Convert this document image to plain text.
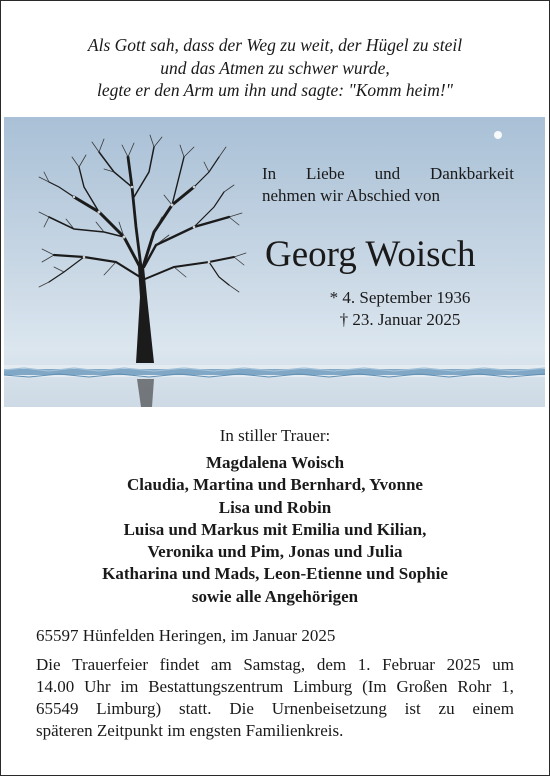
Als Gott sah, dass der Weg zu weit, der Hügel zu steil
und das Atmen zu schwer wurde,
legte er den Arm um ihn und sagte: "Komm heim!"
In Liebe und Dankbarkeit
nehmen wir Abschied von
Georg Woisch
* 4. September 1936
† 23. Januar 2025
In stiller Trauer:
Magdalena Woisch
Claudia, Martina und Bernhard, Yvonne
Lisa und Robin
Luisa und Markus mit Emilia und Kilian,
Veronika und Pim, Jonas und Julia
Katharina und Mads, Leon-Etienne und Sophie
sowie alle Angehörigen
65597 Hünfelden Heringen, im Januar 2025
Die Trauerfeier findet am Samstag, dem 1. Februar 2025 um
14.00 Uhr im Bestattungszentrum Limburg (Im Großen Rohr 1,
65549 Limburg) statt. Die Urnenbeisetzung ist zu einem
späteren Zeitpunkt im engsten Familienkreis.
